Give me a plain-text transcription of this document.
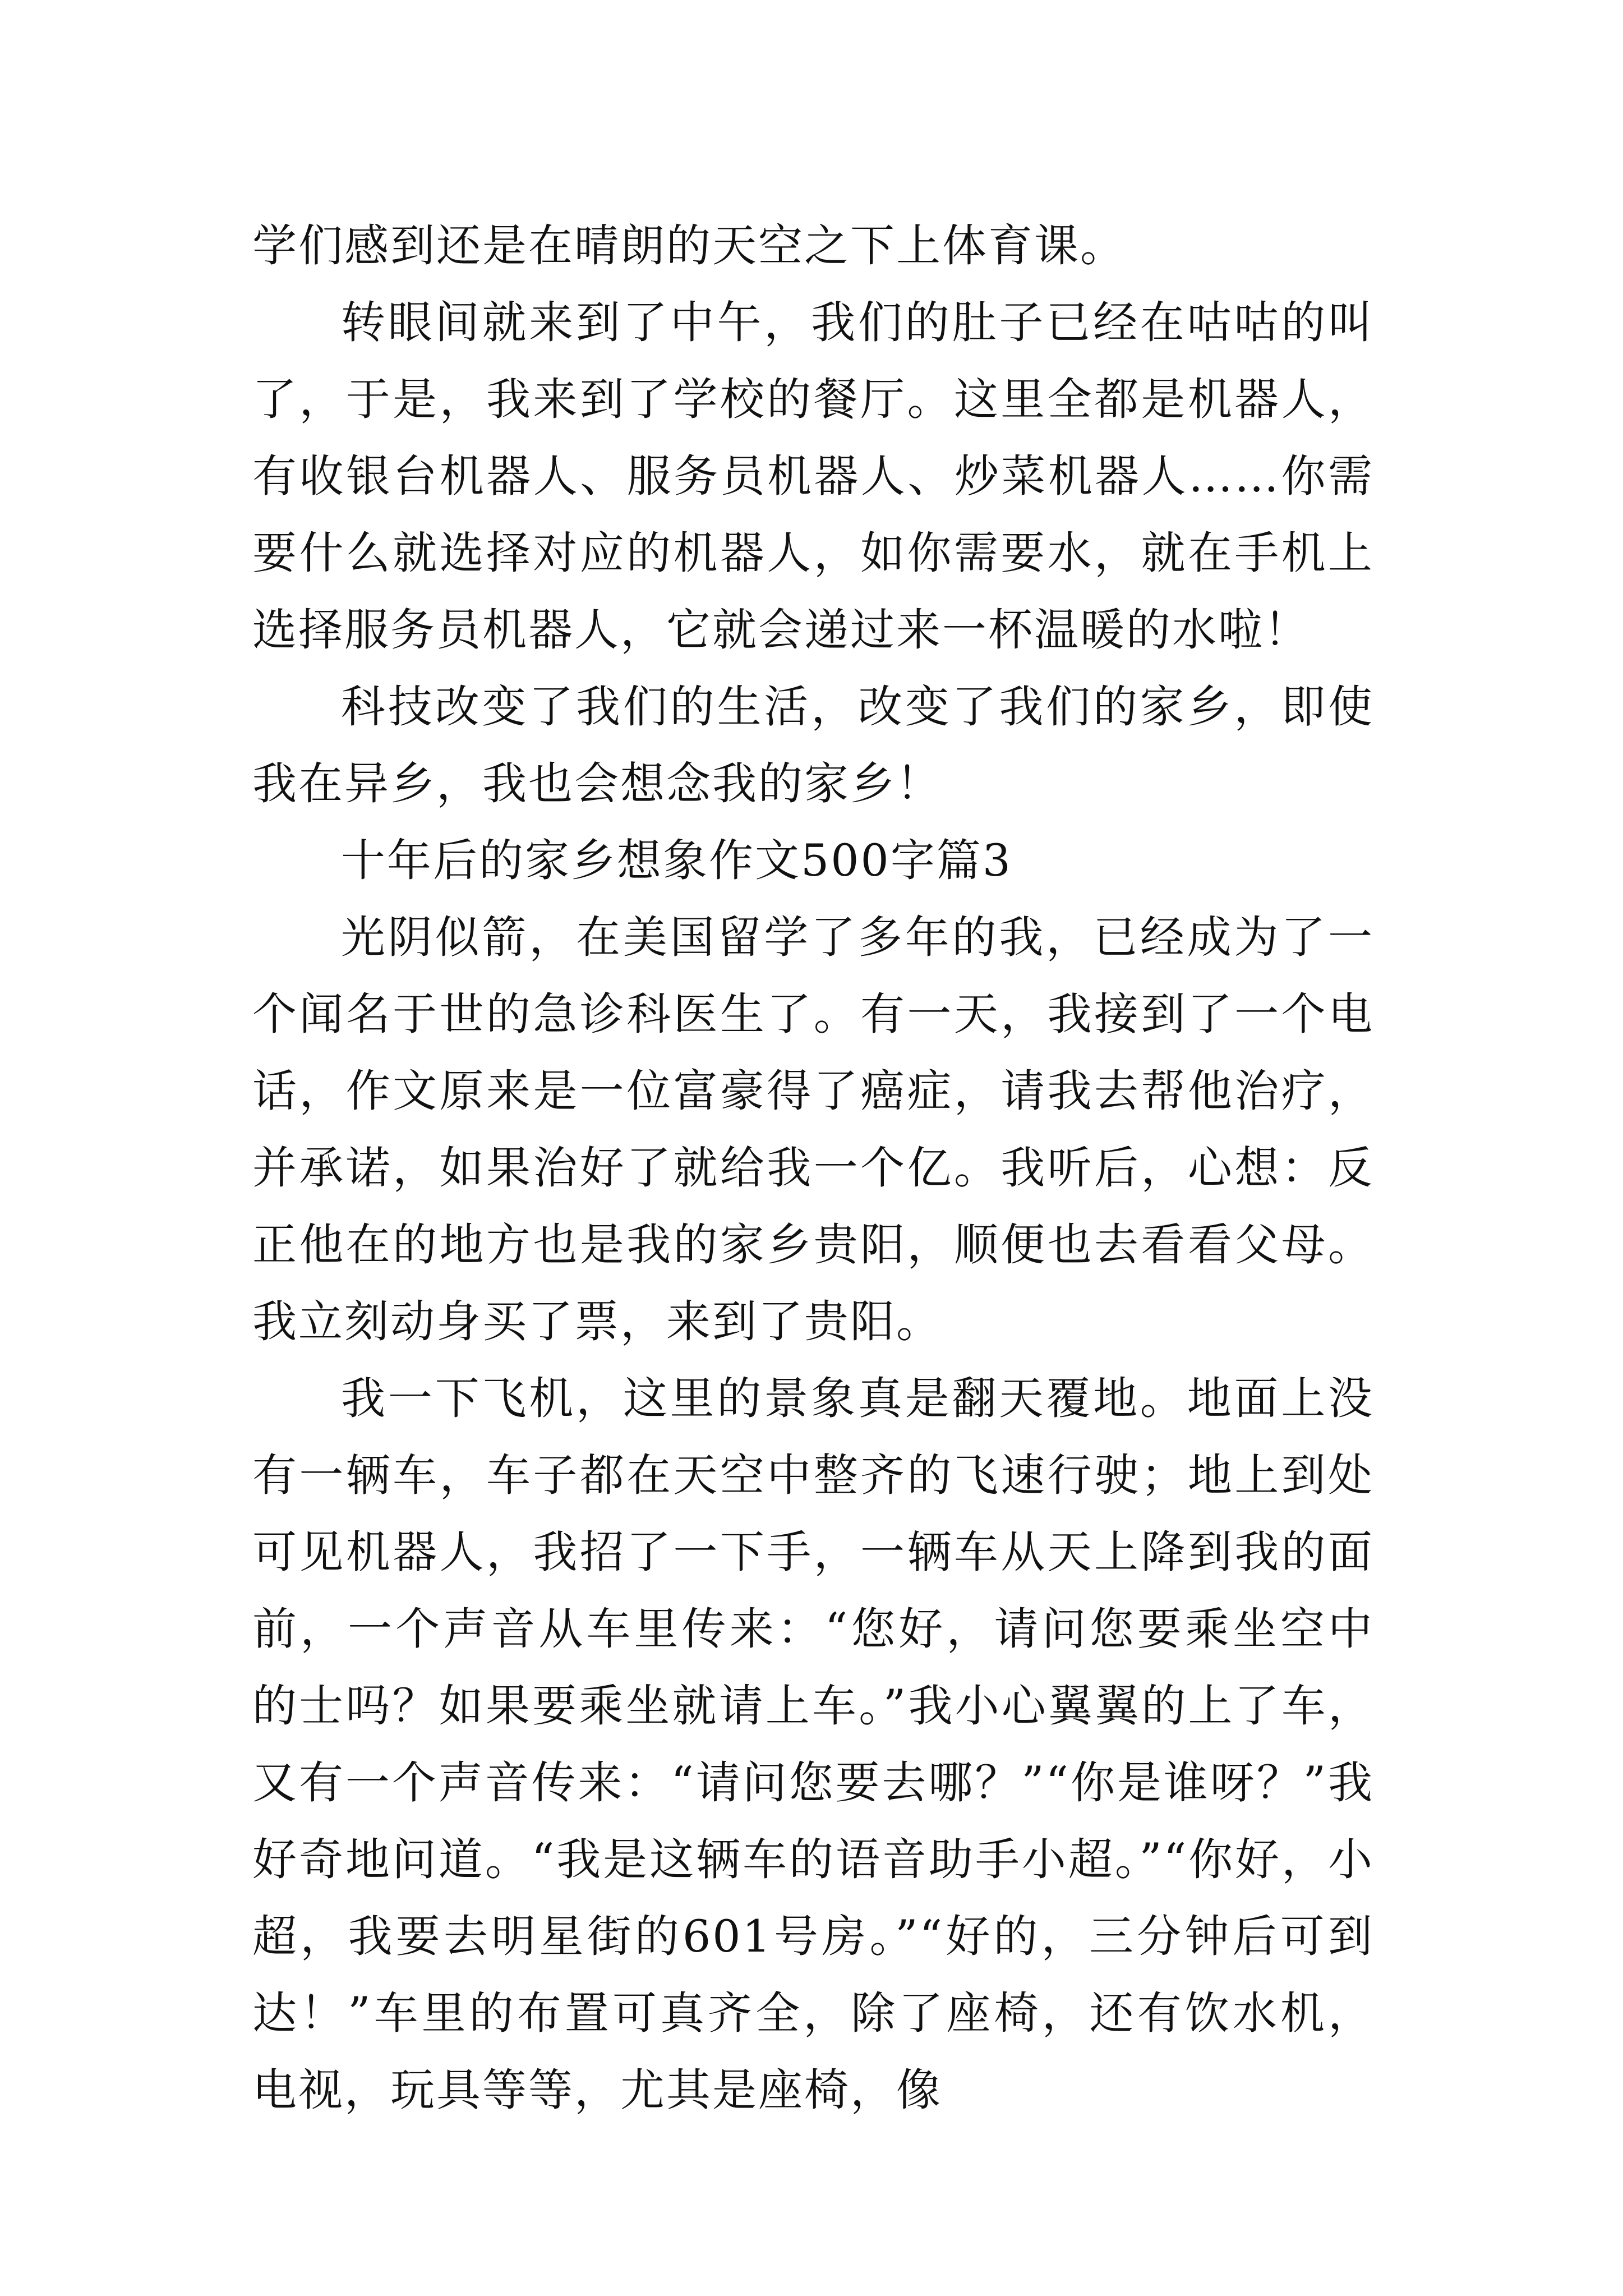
学们感到还是在晴朗的天空之下上体育课。

转眼间就来到了中午，我们的肚子已经在咕咕的叫了，于是，我来到了学校的餐厅。这里全都是机器人，有收银台机器人、服务员机器人、炒菜机器人……你需要什么就选择对应的机器人，如你需要水，就在手机上选择服务员机器人，它就会递过来一杯温暖的水啦！

科技改变了我们的生活，改变了我们的家乡，即使我在异乡，我也会想念我的家乡！

十年后的家乡想象作文500字篇3

光阴似箭，在美国留学了多年的我，已经成为了一个闻名于世的急诊科医生了。有一天，我接到了一个电话，作文原来是一位富豪得了癌症，请我去帮他治疗，并承诺，如果治好了就给我一个亿。我听后，心想：反正他在的地方也是我的家乡贵阳，顺便也去看看父母。我立刻动身买了票，来到了贵阳。

我一下飞机，这里的景象真是翻天覆地。地面上没有一辆车，车子都在天空中整齐的飞速行驶；地上到处可见机器人，我招了一下手，一辆车从天上降到我的面前，一个声音从车里传来：“您好，请问您要乘坐空中的士吗？如果要乘坐就请上车。”我小心翼翼的上了车，又有一个声音传来：“请问您要去哪？”“你是谁呀？”我好奇地问道。“我是这辆车的语音助手小超。”“你好，小超，我要去明星街的601号房。”“好的，三分钟后可到达！”车里的布置可真齐全，除了座椅，还有饮水机，电视，玩具等等，尤其是座椅，像
